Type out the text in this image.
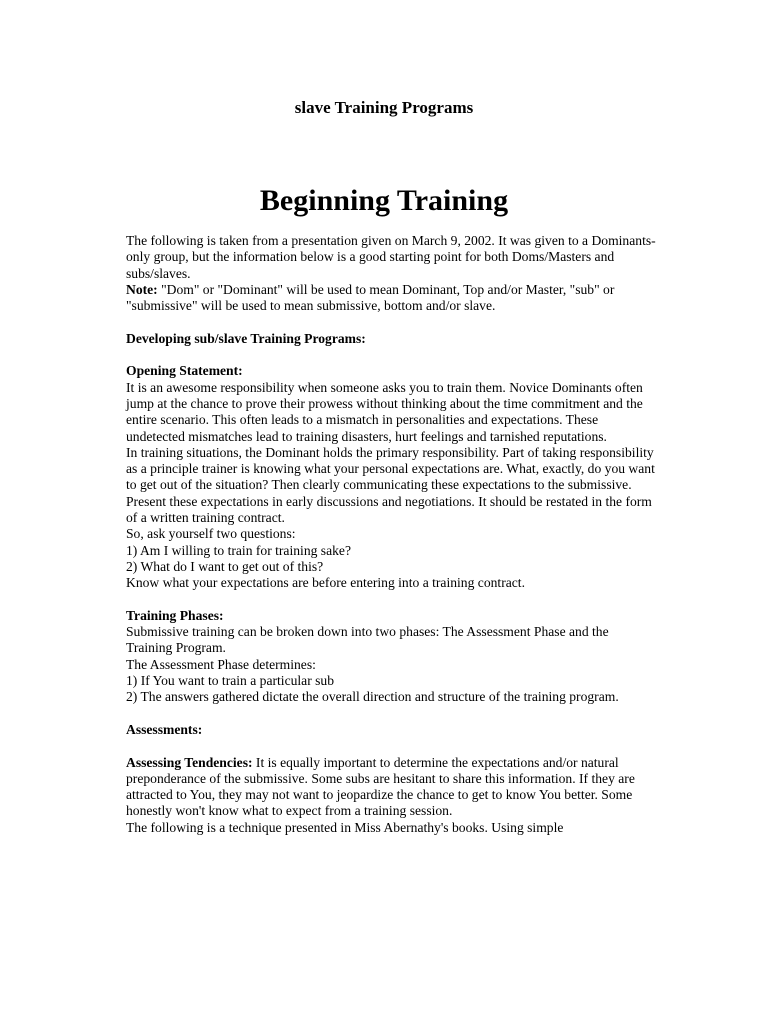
slave Training Programs
Beginning Training

The following is taken from a presentation given on March 9, 2002. It was given to a Dominants-only group, but the information below is a good starting point for both Doms/Masters and subs/slaves.

Note: "Dom" or "Dominant" will be used to mean Dominant, Top and/or Master, "sub" or "submissive" will be used to mean submissive, bottom and/or slave.

Developing sub/slave Training Programs:

Opening Statement:

It is an awesome responsibility when someone asks you to train them. Novice Dominants often jump at the chance to prove their prowess without thinking about the time commitment and the entire scenario. This often leads to a mismatch in personalities and expectations. These undetected mismatches lead to training disasters, hurt feelings and tarnished reputations.

In training situations, the Dominant holds the primary responsibility. Part of taking responsibility as a principle trainer is knowing what your personal expectations are. What, exactly, do you want to get out of the situation? Then clearly communicating these expectations to the submissive.

Present these expectations in early discussions and negotiations. It should be restated in the form of a written training contract.

So, ask yourself two questions:

1) Am I willing to train for training sake?

2) What do I want to get out of this?

Know what your expectations are before entering into a training contract.

Training Phases:

Submissive training can be broken down into two phases: The Assessment Phase and the Training Program.

The Assessment Phase determines:

1) If You want to train a particular sub

2) The answers gathered dictate the overall direction and structure of the training program.

Assessments:

Assessing Tendencies: It is equally important to determine the expectations and/or natural preponderance of the submissive. Some subs are hesitant to share this information. If they are attracted to You, they may not want to jeopardize the chance to get to know You better. Some honestly won't know what to expect from a training session.

The following is a technique presented in Miss Abernathy's books. Using simple
